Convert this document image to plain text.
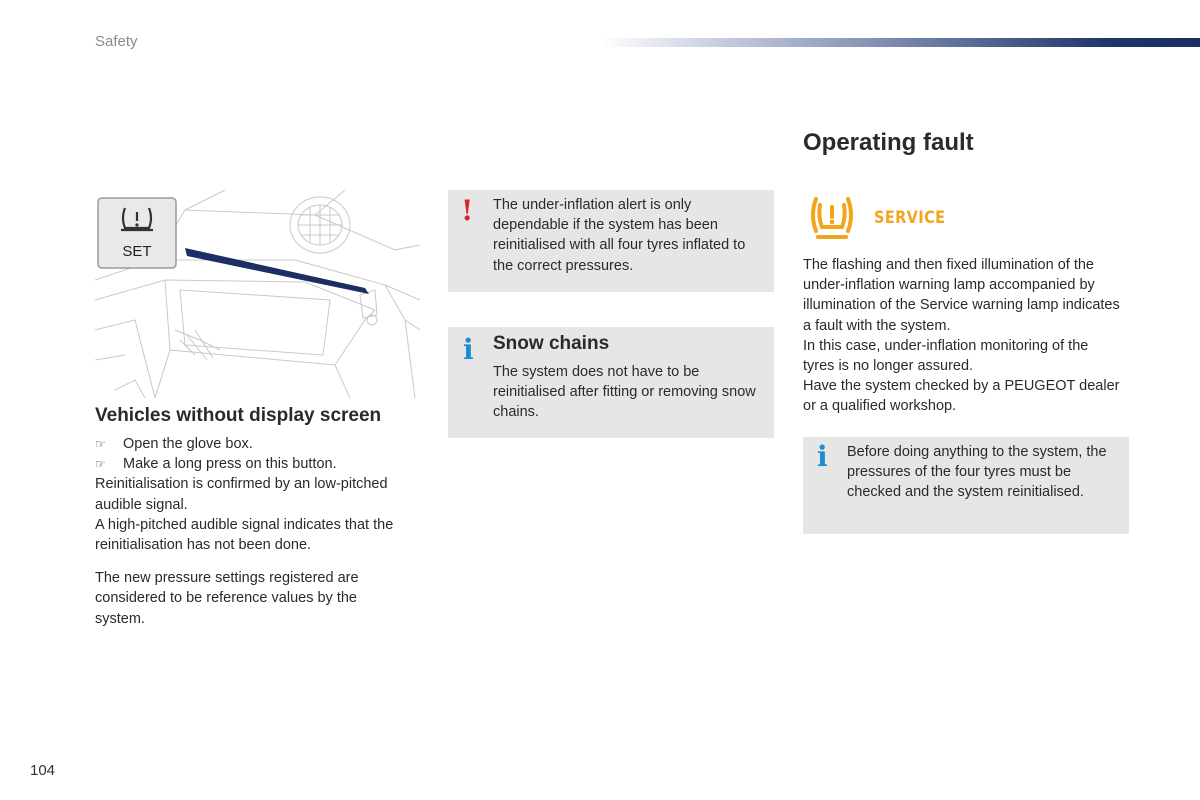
Safety
SET
Vehicles without display screen
☞ Open the glove box.
☞ Make a long press on this button.
Reinitialisation is confirmed by an low-pitched audible signal.
A high-pitched audible signal indicates that the reinitialisation has not been done.
The new pressure settings registered are considered to be reference values by the system.
! The under-inflation alert is only dependable if the system has been reinitialised with all four tyres inflated to the correct pressures.
i Snow chains
The system does not have to be reinitialised after fitting or removing snow chains.
Operating fault
SERVICE
The flashing and then fixed illumination of the under-inflation warning lamp accompanied by illumination of the Service warning lamp indicates a fault with the system.
In this case, under-inflation monitoring of the tyres is no longer assured.
Have the system checked by a PEUGEOT dealer or a qualified workshop.
i Before doing anything to the system, the pressures of the four tyres must be checked and the system reinitialised.
104
